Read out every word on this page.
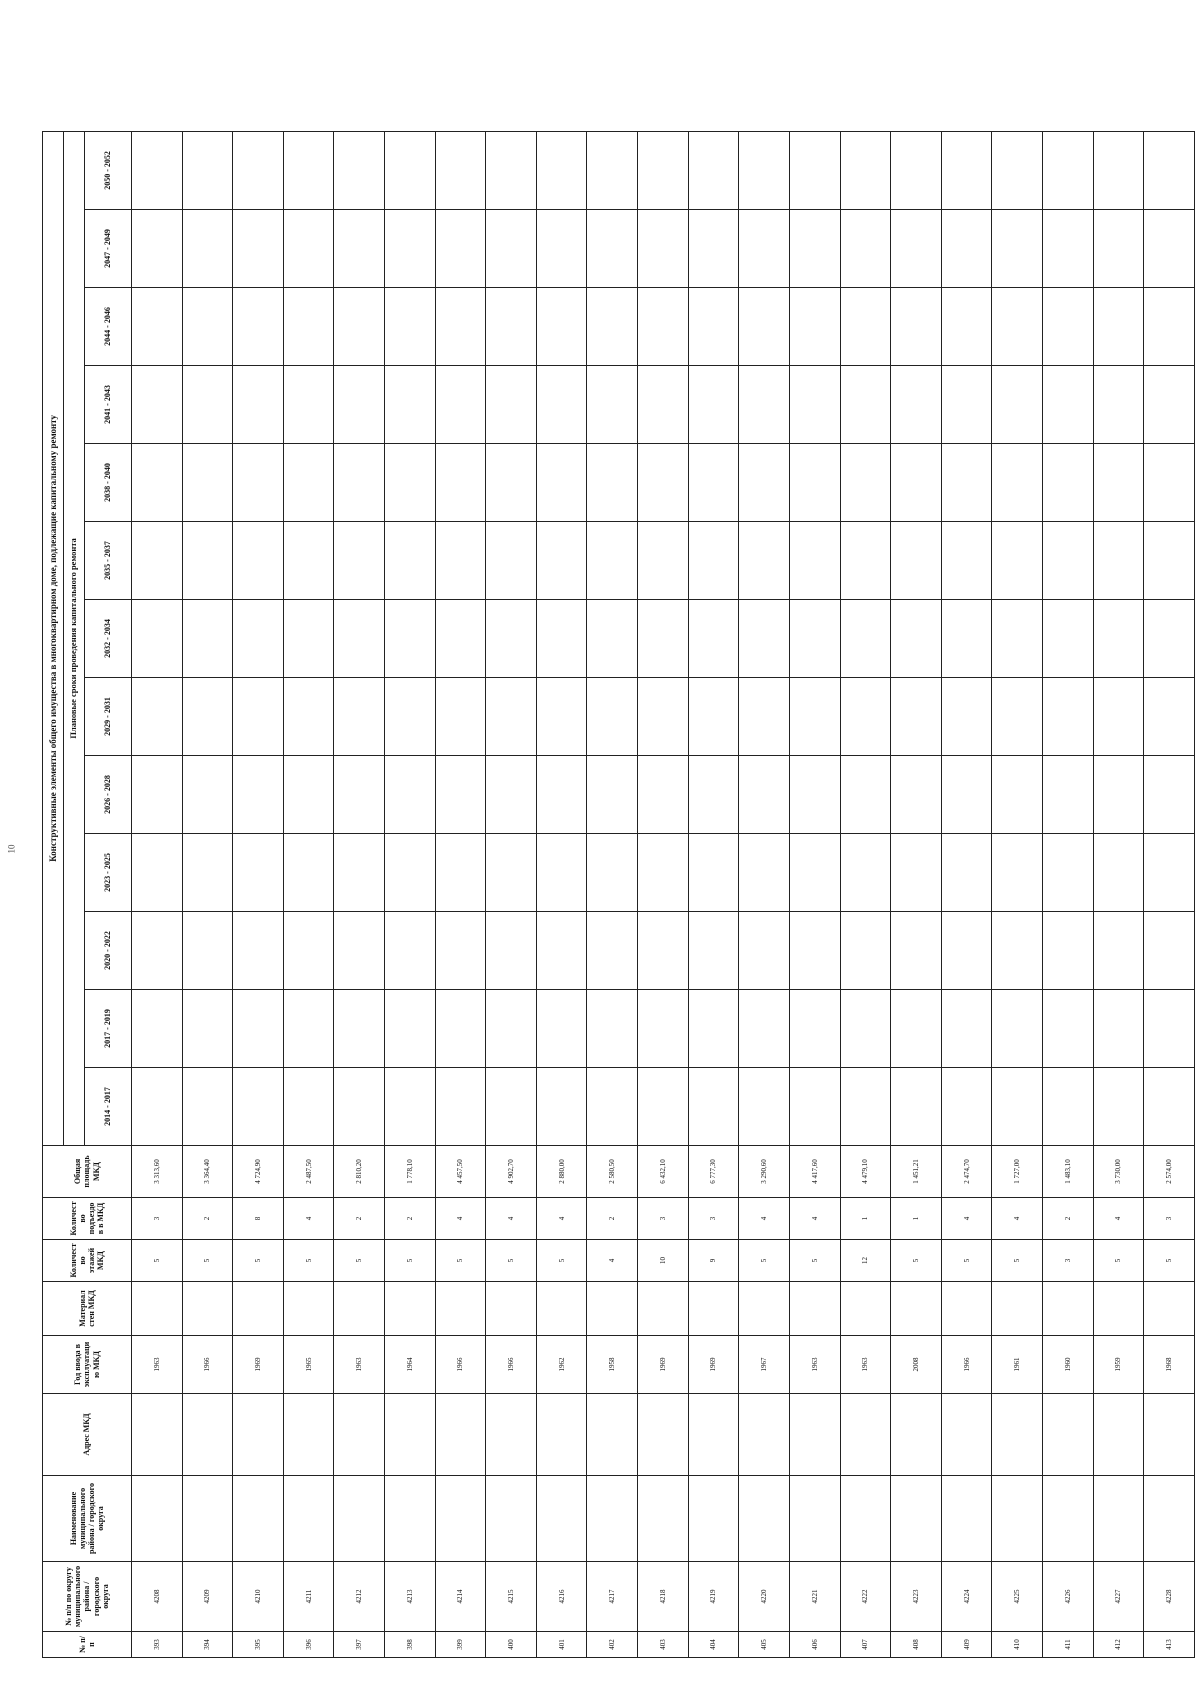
10
№ п/п	№ п/п по округу муниципального района / городского округа	Наименование муниципального района / городского округа	Адрес МКД	Год ввода в эксплуатацию МКД	Материал стен МКД	Количество этажей МКД	Количество подъездов в МКД	Общая площадь МКД	Конструктивные элементы общего имущества в многоквартирном доме, подлежащие капитальному ремонту												
									Плановые сроки проведения капитального ремонта												
									2014 - 2017	2017 - 2019	2020 - 2022	2023 - 2025	2026 - 2028	2029 - 2031	2032 - 2034	2035 - 2037	2038 - 2040	2041 - 2043	2044 - 2046	2047 - 2049	2050 - 2052
393	4208			1963		5	3	3 313,60													
394	4209			1966		5	2	3 364,40													
395	4210			1969		5	8	4 724,90													
396	4211			1965		5	4	2 487,50													
397	4212			1963		5	2	2 810,20													
398	4213			1964		5	2	1 778,10													
399	4214			1966		5	4	4 457,50													
400	4215			1966		5	4	4 902,70													
401	4216			1962		5	4	2 880,00													
402	4217			1958		4	2	2 580,50													
403	4218			1969		10	3	6 432,10													
404	4219			1969		9	3	6 777,30													
405	4220			1967		5	4	3 290,60													
406	4221			1963		5	4	4 417,60													
407	4222			1963		12	1	4 479,10													
408	4223			2008		5	1	1 451,21													
409	4224			1966		5	4	2 474,70													
410	4225			1961		5	4	1 727,00													
411	4226			1960		3	2	1 483,10													
412	4227			1959		5	4	3 730,00													
413	4228			1968		5	3	2 574,00													
